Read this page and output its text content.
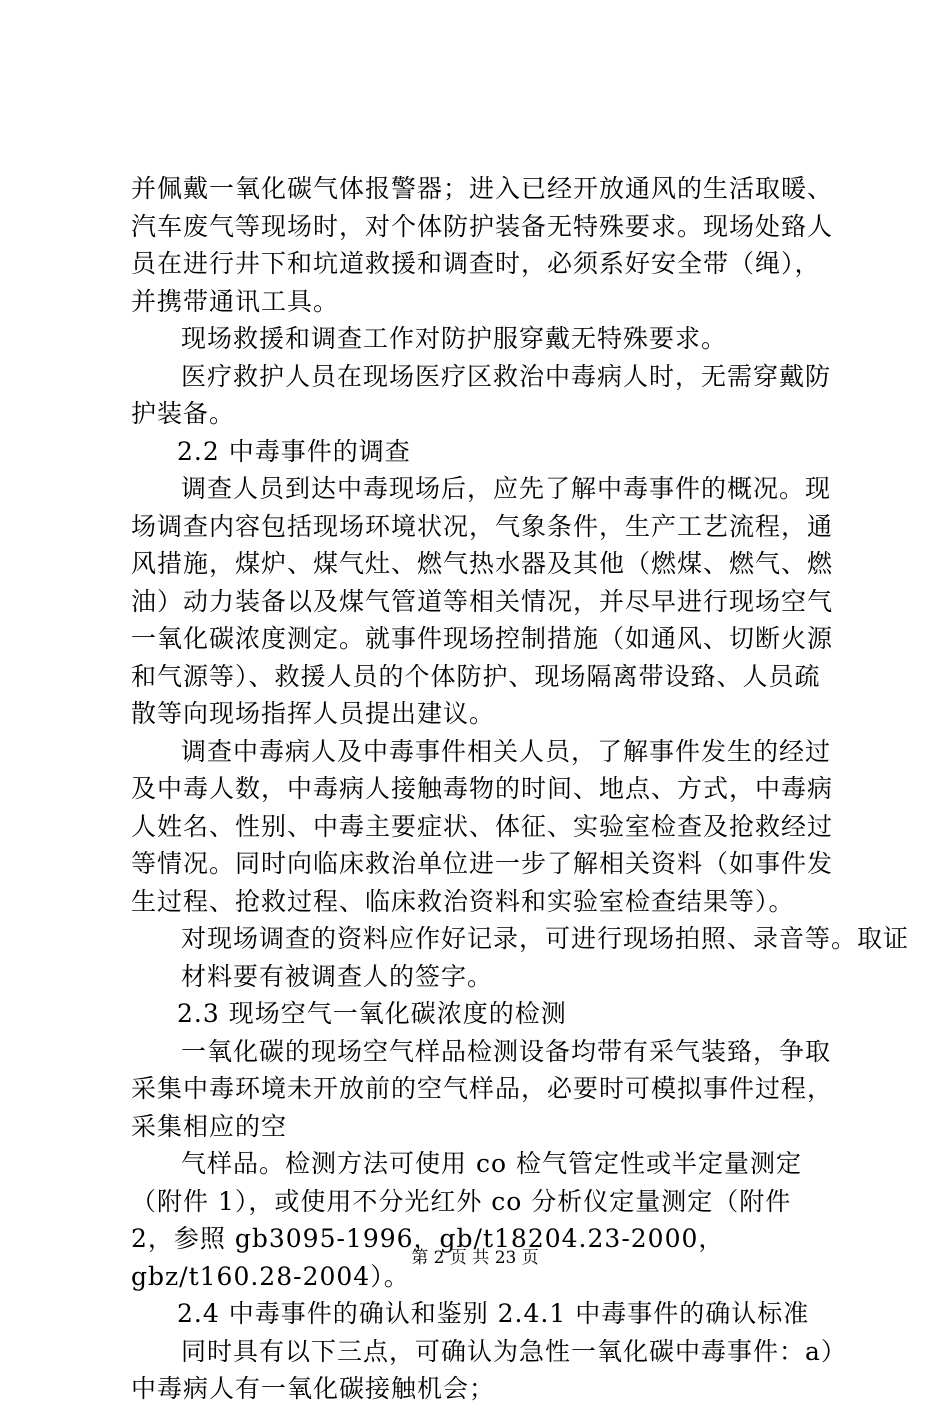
并佩戴一氧化碳气体报警器；进入已经开放通风的生活取暖、汽车废气等现场时，对个体防护装备无特殊要求。现场处臵人员在进行井下和坑道救援和调查时，必须系好安全带（绳），并携带通讯工具。

现场救援和调查工作对防护服穿戴无特殊要求。

医疗救护人员在现场医疗区救治中毒病人时，无需穿戴防护装备。

2.2 中毒事件的调查

调查人员到达中毒现场后，应先了解中毒事件的概况。现场调查内容包括现场环境状况，气象条件，生产工艺流程，通风措施，煤炉、煤气灶、燃气热水器及其他（燃煤、燃气、燃油）动力装备以及煤气管道等相关情况，并尽早进行现场空气一氧化碳浓度测定。就事件现场控制措施（如通风、切断火源和气源等）、救援人员的个体防护、现场隔离带设臵、人员疏散等向现场指挥人员提出建议。

调查中毒病人及中毒事件相关人员，了解事件发生的经过及中毒人数，中毒病人接触毒物的时间、地点、方式，中毒病人姓名、性别、中毒主要症状、体征、实验室检查及抢救经过等情况。同时向临床救治单位进一步了解相关资料（如事件发生过程、抢救过程、临床救治资料和实验室检查结果等）。

对现场调查的资料应作好记录，可进行现场拍照、录音等。取证

材料要有被调查人的签字。

2.3 现场空气一氧化碳浓度的检测

一氧化碳的现场空气样品检测设备均带有采气装臵，争取采集中毒环境未开放前的空气样品，必要时可模拟事件过程，采集相应的空

气样品。检测方法可使用 co 检气管定性或半定量测定（附件 1），或使用不分光红外 co 分析仪定量测定（附件 2，参照 gb3095-1996，gb/t18204.23-2000，gbz/t160.28-2004）。

2.4 中毒事件的确认和鉴别 2.4.1 中毒事件的确认标准

同时具有以下三点，可确认为急性一氧化碳中毒事件：a）中毒病人有一氧化碳接触机会；

第 2 页 共 23 页
